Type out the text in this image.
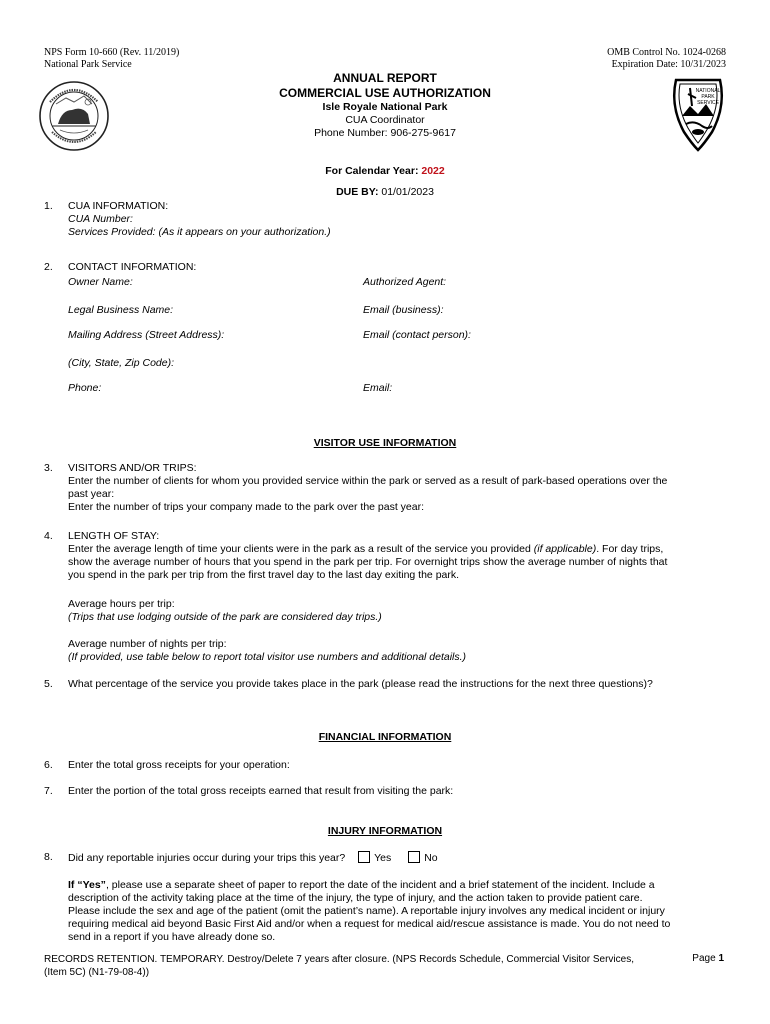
NPS Form 10-660 (Rev. 11/2019)
National Park Service
OMB Control No. 1024-0268
Expiration Date: 10/31/2023
NATIONAL
PARK
SERVICE
ANNUAL REPORT
COMMERCIAL USE AUTHORIZATION
Isle Royale National Park
CUA Coordinator
Phone Number: 906-275-9617
For Calendar Year: 2022
DUE BY: 01/01/2023
1.	CUA INFORMATION:
CUA Number:
Services Provided: (As it appears on your authorization.)
2.	CONTACT INFORMATION:
Owner Name:	Authorized Agent:
Legal Business Name:	Email (business):
Mailing Address (Street Address):	Email (contact person):
(City, State, Zip Code):
Phone:	Email:
VISITOR USE INFORMATION
3.	VISITORS AND/OR TRIPS:
Enter the number of clients for whom you provided service within the park or served as a result of park-based operations over the
past year:
Enter the number of trips your company made to the park over the past year:
4.	LENGTH OF STAY:
Enter the average length of time your clients were in the park as a result of the service you provided (if applicable). For day trips,
show the average number of hours that you spend in the park per trip. For overnight trips show the average number of nights that
you spend in the park per trip from the first travel day to the last day exiting the park.
Average hours per trip:
(Trips that use lodging outside of the park are considered day trips.)
Average number of nights per trip:
(If provided, use table below to report total visitor use numbers and additional details.)
5.	What percentage of the service you provide takes place in the park (please read the instructions for the next three questions)?
FINANCIAL INFORMATION
6.	Enter the total gross receipts for your operation:
7.	Enter the portion of the total gross receipts earned that result from visiting the park:
INJURY INFORMATION
8.	Did any reportable injuries occur during your trips this year?	Yes	No
If “Yes”, please use a separate sheet of paper to report the date of the incident and a brief statement of the incident. Include a
description of the activity taking place at the time of the injury, the type of injury, and the action taken to provide patient care.
Please include the sex and age of the patient (omit the patient’s name). A reportable injury involves any medical incident or injury
requiring medical aid beyond Basic First Aid and/or when a request for medical aid/rescue assistance is made. You do not need to
send in a report if you have already done so.
RECORDS RETENTION. TEMPORARY. Destroy/Delete 7 years after closure. (NPS Records Schedule, Commercial Visitor Services,
(Item 5C) (N1-79-08-4))
Page 1
